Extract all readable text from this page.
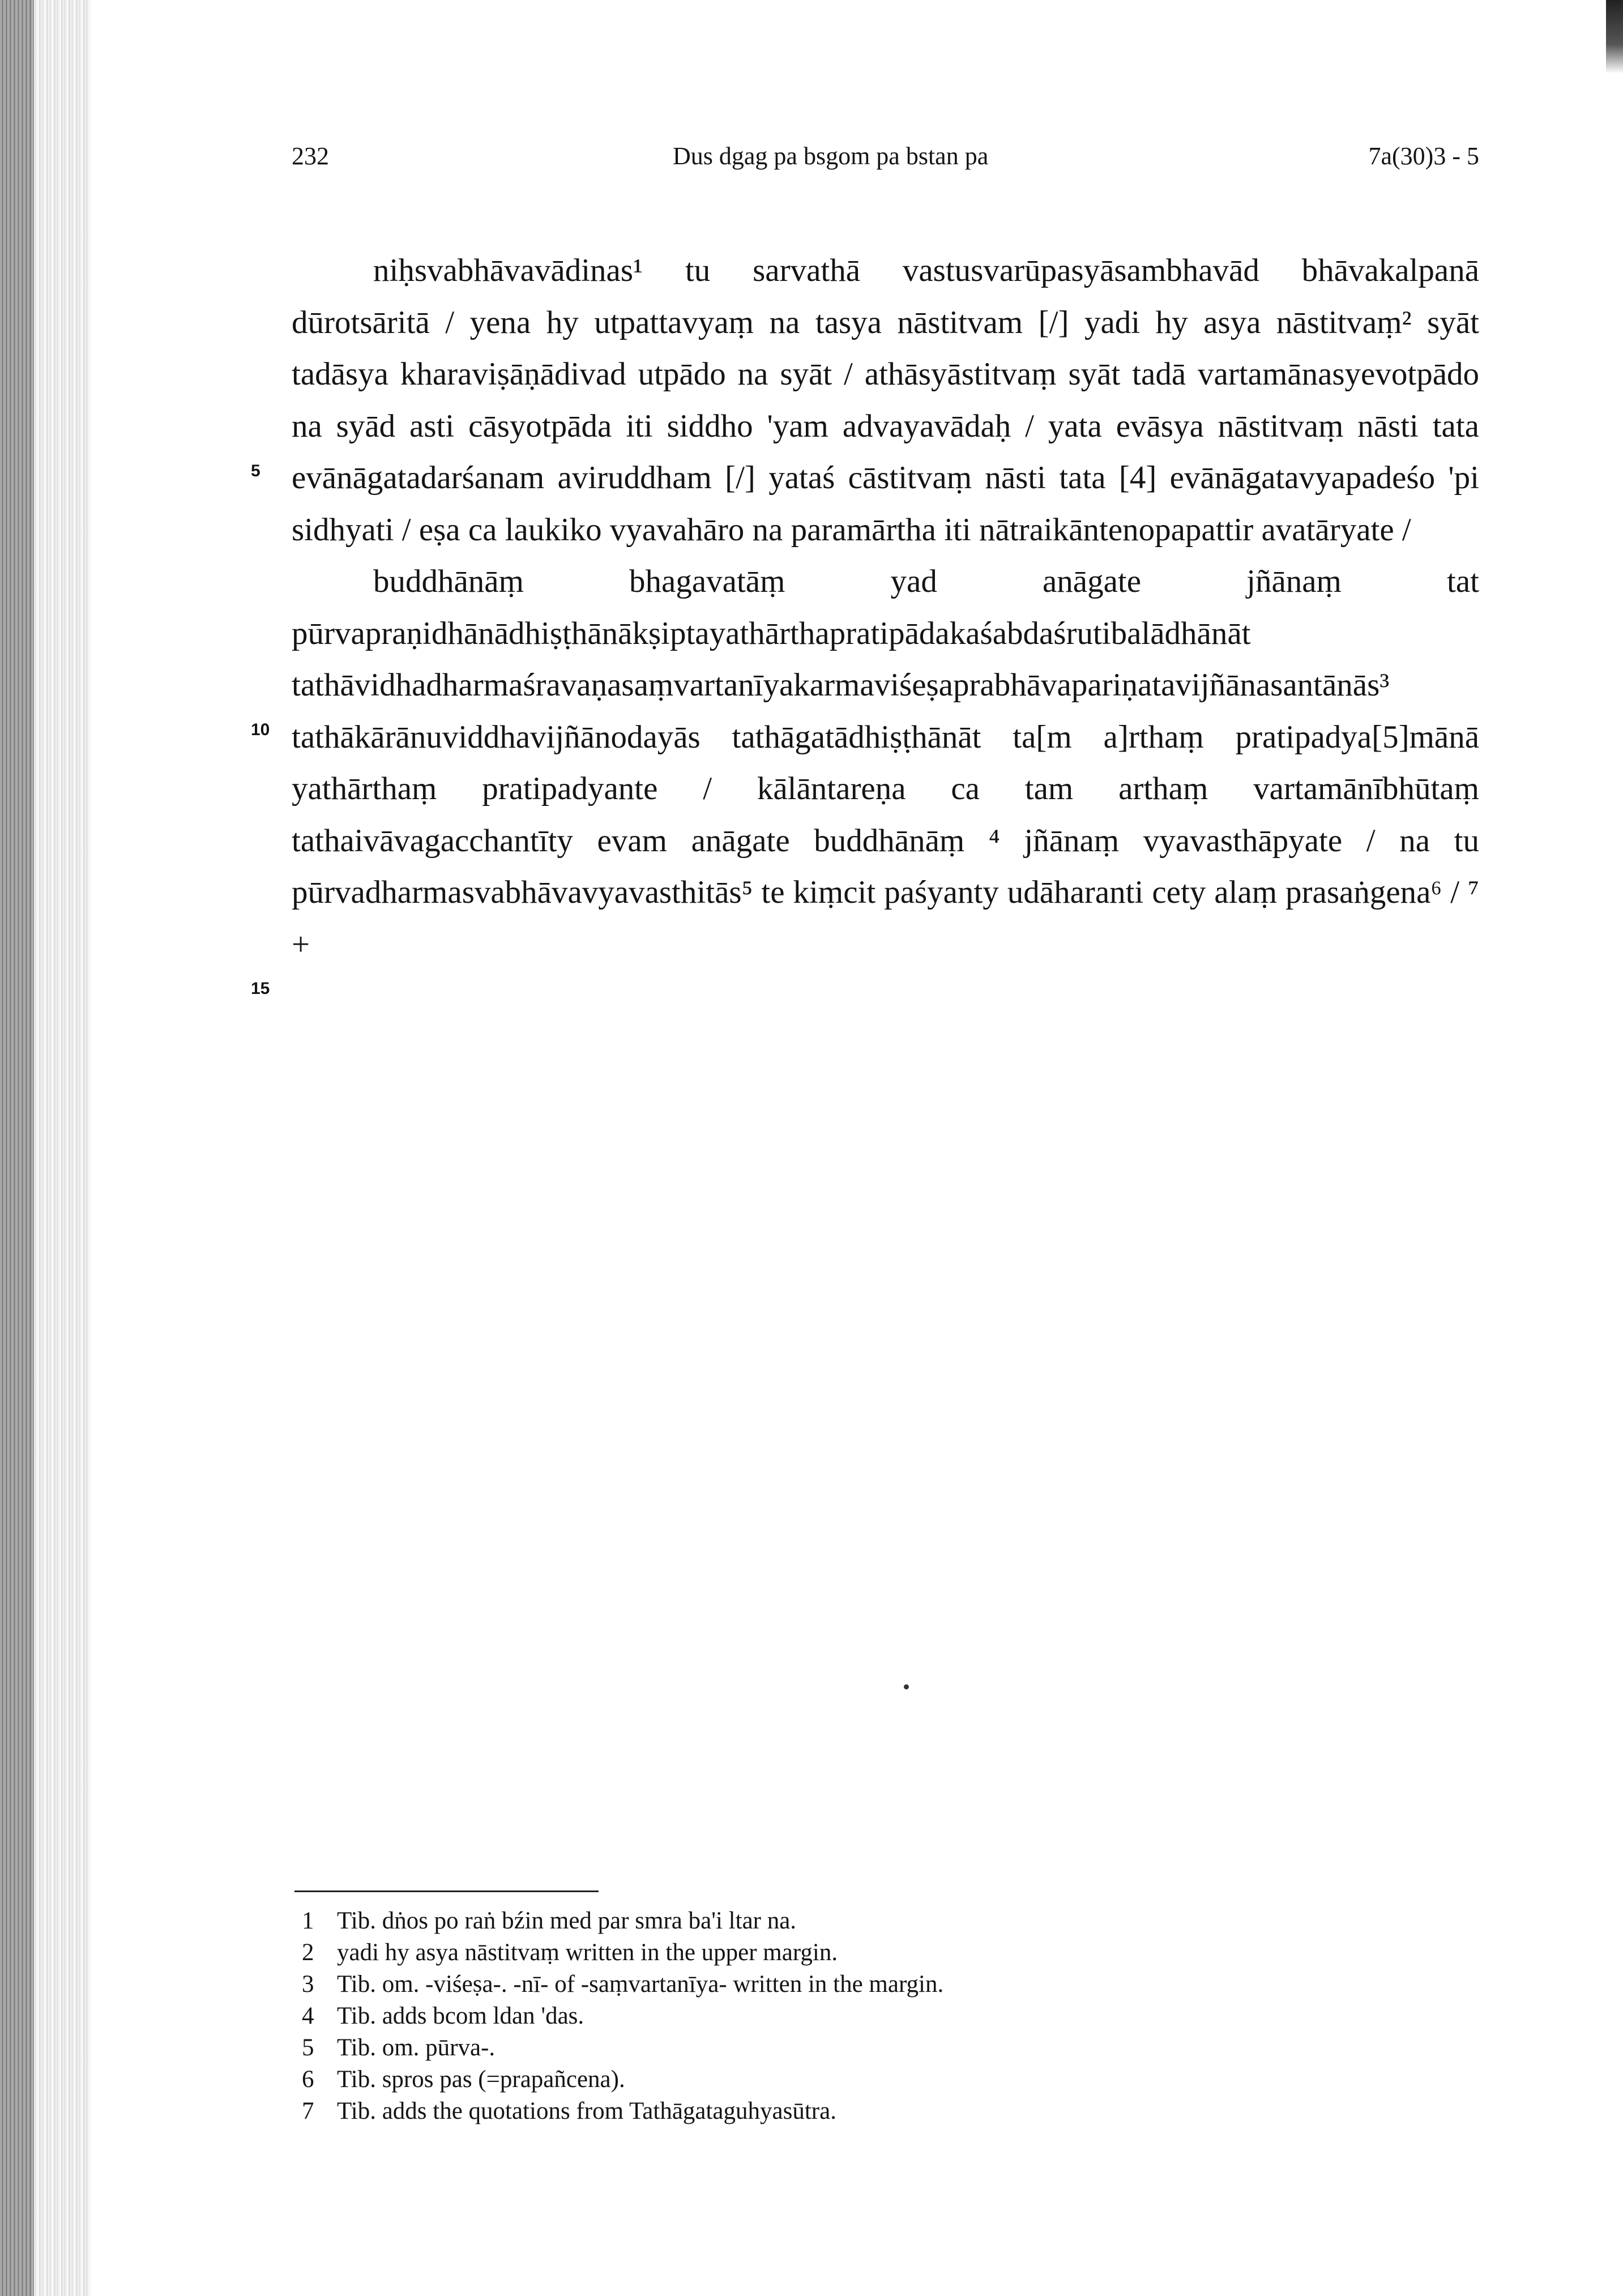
232	Dus dgag pa bsgom pa bstan pa	7a(30)3 - 5
5
10
15

niḥsvabhāvavādinas¹ tu sarvathā vastusvarūpasyāsambhavād bhāvakalpanā dūrotsāritā / yena hy utpattavyaṃ na tasya nāstitvam [/] yadi hy asya nāstitvaṃ² syāt tadāsya kharaviṣāṇādivad utpādo na syāt / athāsyāstitvaṃ syāt tadā vartamānasyevotpādo na syād asti cāsyotpāda iti siddho 'yam advayavādaḥ / yata evāsya nāstitvaṃ nāsti tata evānāgatadarśanam aviruddham [/] yataś cāstitvaṃ nāsti tata [4] evānāgatavyapadeśo 'pi sidhyati / eṣa ca laukiko vyavahāro na paramārtha iti nātraikāntenopapattir avatāryate /

buddhānāṃ bhagavatāṃ yad anāgate jñānaṃ tat pūrvapraṇidhānādhiṣṭhānākṣiptayathārthapratipādakaśabdaśrutibalādhānāt tathāvidhadharmaśravaṇasaṃvartanīyakarmaviśeṣaprabhāvapariṇatavijñānasantānās³ tathākārānuviddhavijñānodayās tathāgatādhiṣṭhānāt ta[m a]rthaṃ pratipadya[5]mānā yathārthaṃ pratipadyante / kālāntareṇa ca tam arthaṃ vartamānībhūtaṃ tathaivāvagacchantīty evam anāgate buddhānāṃ ⁴ jñānaṃ vyavasthāpyate / na tu pūrvadharmasvabhāvavyavasthitās⁵ te kiṃcit paśyanty udāharanti cety alaṃ prasaṅgena⁶ / ⁷ +

1 Tib. dṅos po raṅ bźin med par smra ba'i ltar na.
2 yadi hy asya nāstitvaṃ written in the upper margin.
3 Tib. om. -viśeṣa-. -nī- of -saṃvartanīya- written in the margin.
4 Tib. adds bcom ldan 'das.
5 Tib. om. pūrva-.
6 Tib. spros pas (=prapañcena).
7 Tib. adds the quotations from Tathāgataguhyasūtra.
